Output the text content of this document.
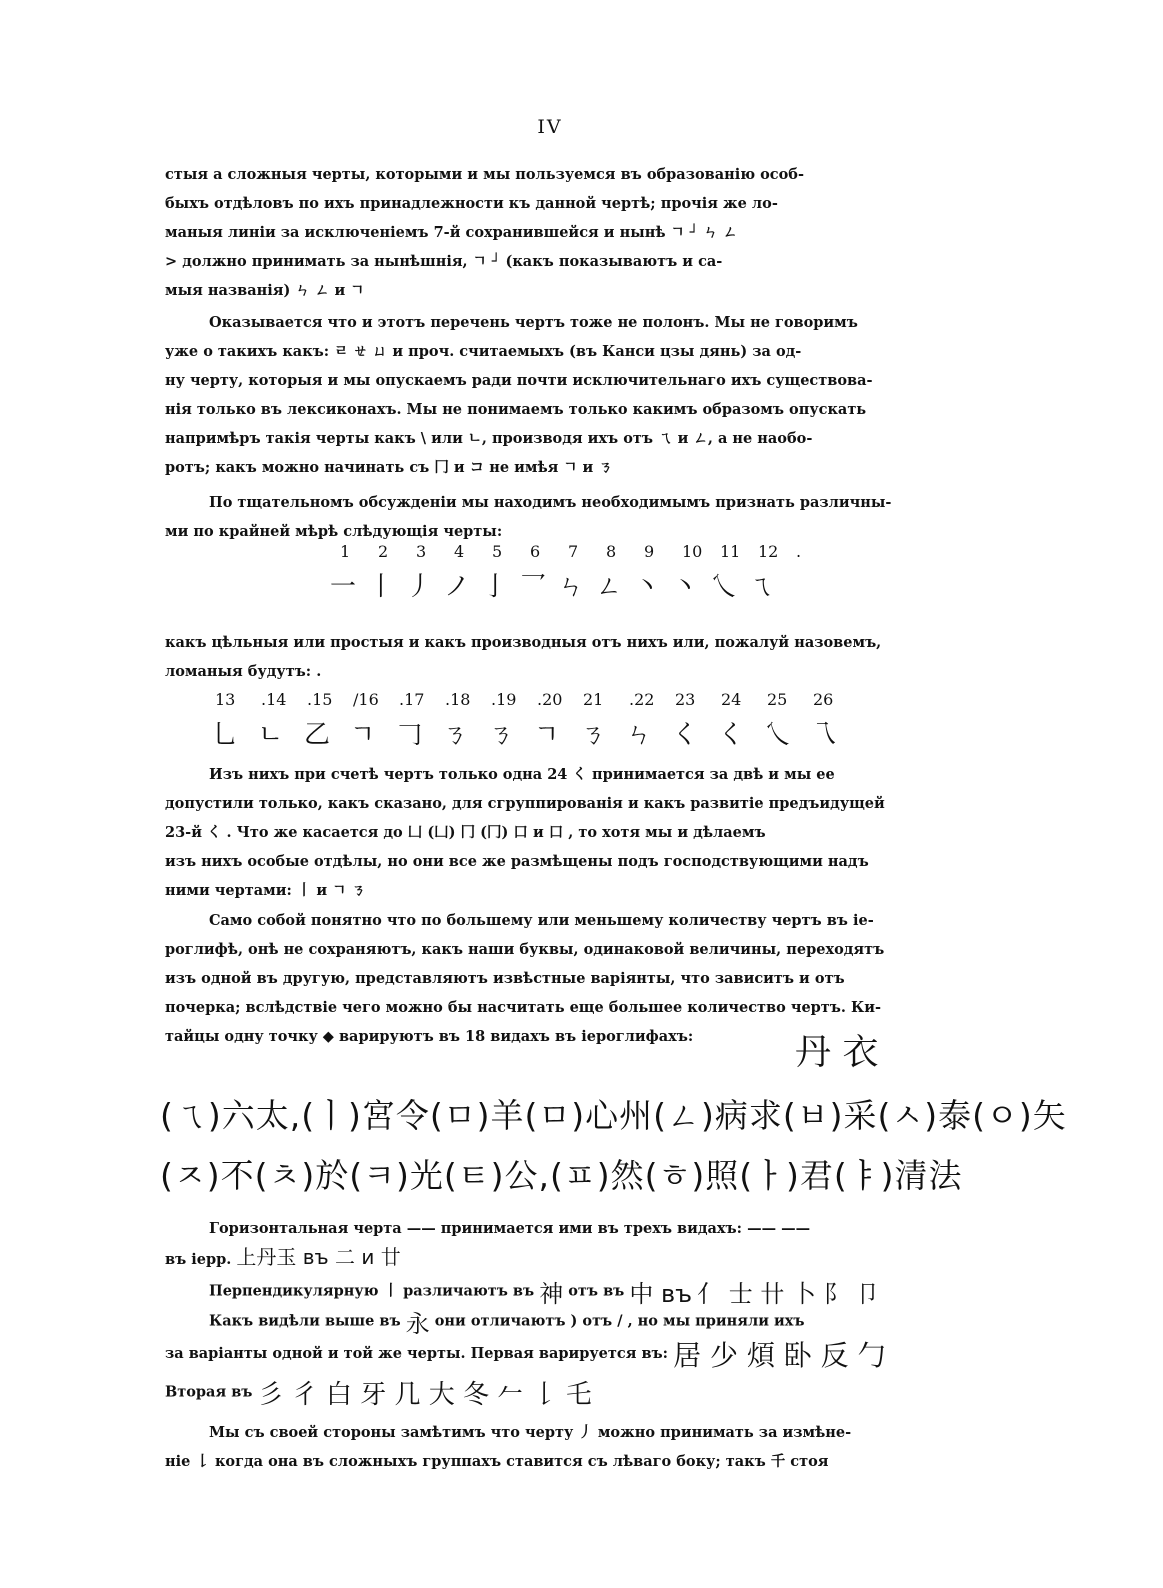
IV
стыя а сложныя черты, которыми и мы пользуемся въ образованію особ-
быхъ отдѣловъ по ихъ принадлежности къ данной чертѣ; прочія же ло-
маныя линіи за исключеніемъ 7-й сохранившейся и нынѣ ㄱ ┘ ㄣ ㄥ
> должно принимать за нынѣшнія, ㄱ ┘ (какъ показываютъ и са-
мыя названія) ㄣ ㄥ и ㄱ
Оказывается что и этотъ перечень чертъ тоже не полонъ. Мы не говоримъ
уже о такихъ какъ: ㄹ ㄝ ㄩ и проч. считаемыхъ (въ Канси цзы дянь) за од-
ну черту, которыя и мы опускаемъ ради почти исключительнаго ихъ существова-
нія только въ лексиконахъ. Мы не понимаемъ только какимъ образомъ опускать
напримѣръ такія черты какъ \ или ㄴ, производя ихъ отъ ㄟ и ㄥ, а не наобо-
ротъ; какъ можно начинать съ 冂 и コ не имѣя ㄱ и ㄋ
По тщательномъ обсужденіи мы находимъ необходимымъ признать различны-
ми по крайней мѣрѣ слѣдующія черты:
1 2 3 4 5 6 7 8 9 10 11 12 .
一 丨 丿 ノ 亅 乛 ㄣ ㄥ 丶 丶 乀 ㄟ
какъ цѣльныя или простыя и какъ производныя отъ нихъ или, пожалуй назовемъ,
ломаныя будутъ: .
13 .14 .15 /16 .17 .18 .19 .20 21 .22 23 24 25 26
乚 ㄴ 乙 ㄱ 𠃌 ㄋ ㄋ ㄱ ㄋ ㄣ く く 乀 乁
Изъ нихъ при счетѣ чертъ только одна 24 く принимается за двѣ и мы ее
допустили только, какъ сказано, для сгруппированія и какъ развитіе предъидущей
23-й く . Что же касается до 凵 (凵) 冂 (冂) 口 и 口 , то хотя мы и дѣлаемъ
изъ нихъ особые отдѣлы, но они все же размѣщены подъ господствующими надъ
ними чертами: 丨 и ㄱ ㄋ
Само собой понятно что по большему или меньшему количеству чертъ въ іе-
роглифѣ, онѣ не сохраняютъ, какъ наши буквы, одинаковой величины, переходятъ
изъ одной въ другую, представляютъ извѣстные варіянты, что зависитъ и отъ
почерка; вслѣдствіе чего можно бы насчитать еще большее количество чертъ. Ки-
тайцы одну точку ◆ варируютъ въ 18 видахъ въ іероглифахъ:	丹 衣
(ㄟ)六太,(ㅣ)宮令(ㅁ)羊(ㅁ)心州(ㄥ)病求(ㅂ)采(ㅅ)泰(ㅇ)矢
(ㅈ)不(ㅊ)於(ㅋ)光(ㅌ)公,(ㅍ)然(ㅎ)照(ㅏ)君(ㅑ)清法
Горизонтальная черта —— принимается ими въ трехъ видахъ: —— ——
въ іерр. 上丹玉 въ 二 и 廿
Перпендикулярную 丨 различаютъ въ 神 отъ въ 中 въ 亻 士 卄 卜 阝 卩
Какъ видѣли выше въ 永 они отличаютъ ) отъ / , но мы приняли ихъ
за варіанты одной и той же черты. Первая варируется въ: 居 少 煩 卧 反 勹
Вторая въ 彡 彳 白 牙 几 大 冬 𠂉 𠄌 乇
Мы съ своей стороны замѣтимъ что черту 丿 можно принимать за измѣне-
ніе 𠄌 когда она въ сложныхъ группахъ ставится съ лѣваго боку; такъ 千 стоя
